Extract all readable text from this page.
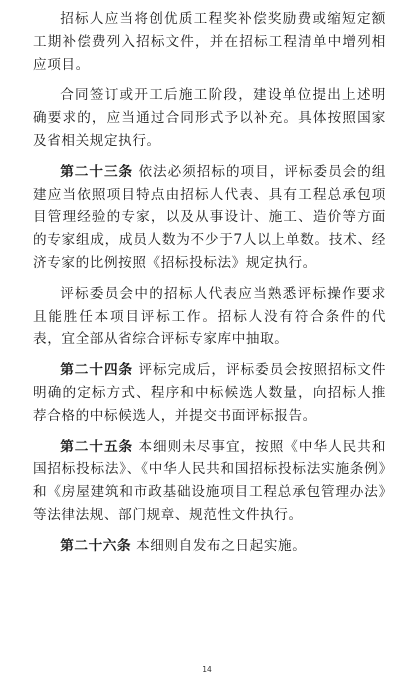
招标人应当将创优质工程奖补偿奖励费或缩短定额工期补偿费列入招标文件，并在招标工程清单中增列相应项目。

合同签订或开工后施工阶段，建设单位提出上述明确要求的，应当通过合同形式予以补充。具体按照国家及省相关规定执行。

第二十三条 依法必须招标的项目，评标委员会的组建应当依照项目特点由招标人代表、具有工程总承包项目管理经验的专家，以及从事设计、施工、造价等方面的专家组成，成员人数为不少于7人以上单数。技术、经济专家的比例按照《招标投标法》规定执行。

评标委员会中的招标人代表应当熟悉评标操作要求且能胜任本项目评标工作。招标人没有符合条件的代表，宜全部从省综合评标专家库中抽取。

第二十四条 评标完成后，评标委员会按照招标文件明确的定标方式、程序和中标候选人数量，向招标人推荐合格的中标候选人，并提交书面评标报告。

第二十五条 本细则未尽事宜，按照《中华人民共和国招标投标法》、《中华人民共和国招标投标法实施条例》和《房屋建筑和市政基础设施项目工程总承包管理办法》等法律法规、部门规章、规范性文件执行。

第二十六条 本细则自发布之日起实施。

14
